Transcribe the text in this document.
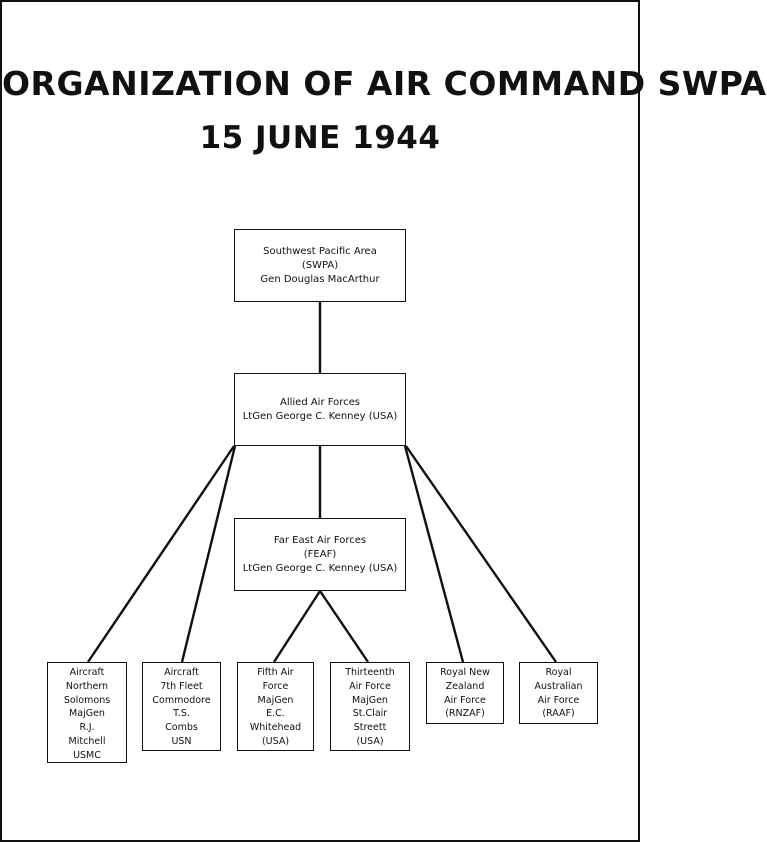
ORGANIZATION OF AIR COMMAND SWPA
15 JUNE 1944
Southwest Pacific Area
(SWPA)
Gen Douglas MacArthur
Allied Air Forces
LtGen George C. Kenney (USA)
Far East Air Forces
(FEAF)
LtGen George C. Kenney (USA)
Aircraft
Northern
Solomons
MajGen
R.J.
Mitchell
USMC
Aircraft
7th Fleet
Commodore
T.S.
Combs
USN
Fifth Air
Force
MajGen
E.C.
Whitehead
(USA)
Thirteenth
Air Force
MajGen
St.Clair
Streett
(USA)
Royal New
Zealand
Air Force
(RNZAF)
Royal
Australian
Air Force
(RAAF)
